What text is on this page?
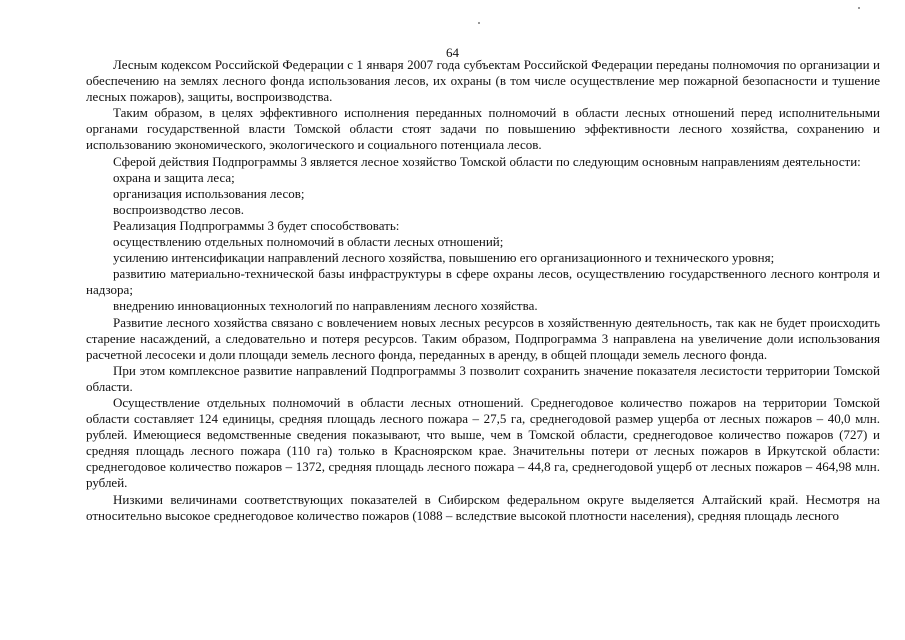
64

Лесным кодексом Российской Федерации с 1 января 2007 года субъектам Российской Федерации переданы полномочия по организации и обеспечению на землях лесного фонда использования лесов, их охраны (в том числе осуществление мер пожарной безопасности и тушение лесных пожаров), защиты, воспроизводства.

Таким образом, в целях эффективного исполнения переданных полномочий в области лесных отношений перед исполнительными органами государственной власти Томской области стоят задачи по повышению эффективности лесного хозяйства, сохранению и использованию экономического, экологического и социального потенциала лесов.

Сферой действия Подпрограммы 3 является лесное хозяйство Томской области по следующим основным направлениям деятельности:

охрана и защита леса;

организация использования лесов;

воспроизводство лесов.

Реализация Подпрограммы 3 будет способствовать:

осуществлению отдельных полномочий в области лесных отношений;

усилению интенсификации направлений лесного хозяйства, повышению его организационного и технического уровня;

развитию материально-технической базы инфраструктуры в сфере охраны лесов, осуществлению государственного лесного контроля и надзора;

внедрению инновационных технологий по направлениям лесного хозяйства.

Развитие лесного хозяйства связано с вовлечением новых лесных ресурсов в хозяйственную деятельность, так как не будет происходить старение насаждений, а следовательно и потеря ресурсов. Таким образом, Подпрограмма 3 направлена на увеличение доли использования расчетной лесосеки и доли площади земель лесного фонда, переданных в аренду, в общей площади земель лесного фонда.

При этом комплексное развитие направлений Подпрограммы 3 позволит сохранить значение показателя лесистости территории Томской области.

Осуществление отдельных полномочий в области лесных отношений. Среднегодовое количество пожаров на территории Томской области составляет 124 единицы, средняя площадь лесного пожара – 27,5 га, среднегодовой размер ущерба от лесных пожаров – 40,0 млн. рублей. Имеющиеся ведомственные сведения показывают, что выше, чем в Томской области, среднегодовое количество пожаров (727) и средняя площадь лесного пожара (110 га) только в Красноярском крае. Значительны потери от лесных пожаров в Иркутской области: среднегодовое количество пожаров – 1372, средняя площадь лесного пожара – 44,8 га, среднегодовой ущерб от лесных пожаров – 464,98 млн. рублей.

Низкими величинами соответствующих показателей в Сибирском федеральном округе выделяется Алтайский край. Несмотря на относительно высокое среднегодовое количество пожаров (1088 – вследствие высокой плотности населения), средняя площадь лесного
